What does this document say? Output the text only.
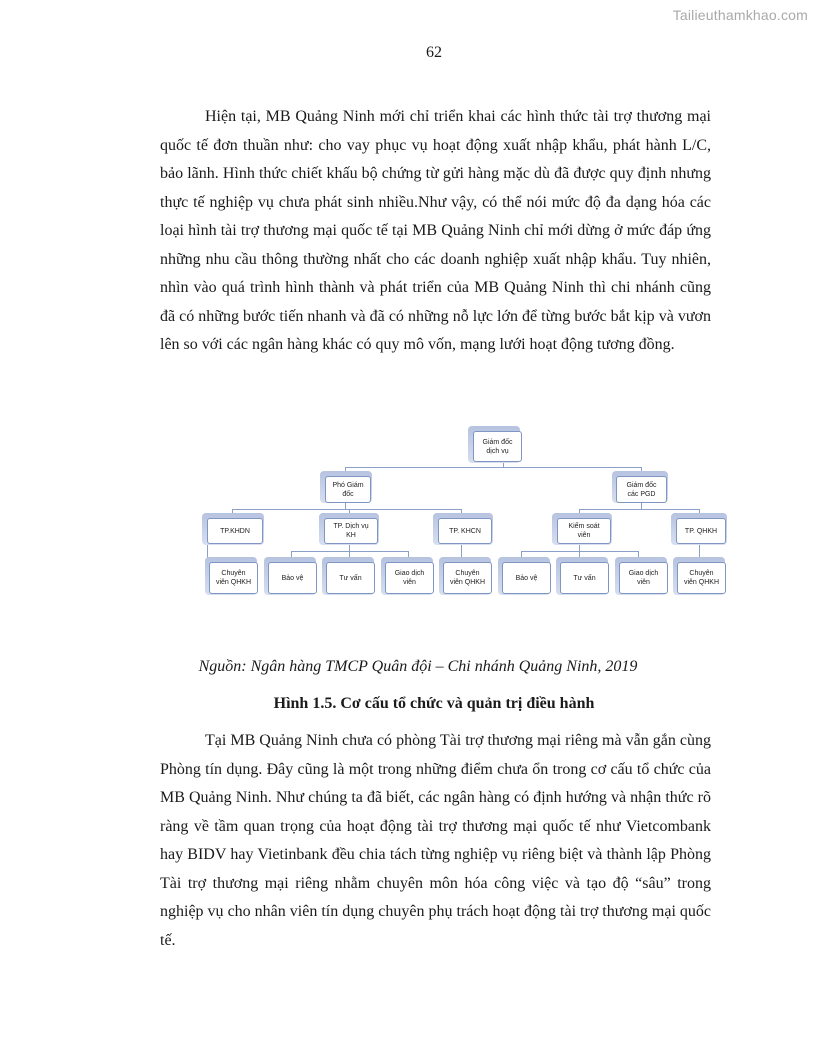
Tailieuthamkhao.com
62

Hiện tại, MB Quảng Ninh mới chỉ triển khai các hình thức tài trợ thương mại quốc tế đơn thuần như: cho vay phục vụ hoạt động xuất nhập khẩu, phát hành L/C, bảo lãnh. Hình thức chiết khấu bộ chứng từ gửi hàng mặc dù đã được quy định nhưng thực tế nghiệp vụ chưa phát sinh nhiều.Như vậy, có thể nói mức độ đa dạng hóa các loại hình tài trợ thương mại quốc tế tại MB Quảng Ninh chỉ mới dừng ở mức đáp ứng những nhu cầu thông thường nhất cho các doanh nghiệp xuất nhập khẩu. Tuy nhiên, nhìn vào quá trình hình thành và phát triển của MB Quảng Ninh thì chi nhánh cũng đã có những bước tiến nhanh và đã có những nỗ lực lớn để từng bước bắt kịp và vươn lên so với các ngân hàng khác có quy mô vốn, mạng lưới hoạt động tương đồng.

Giám đốc
dịch vụ
Phó Giám
đốc
Giám đốc
các PGD
TP.KHDN
TP. Dịch vụ
KH
TP. KHCN
Kiểm soát
viên
TP. QHKH
Chuyên
viên QHKH
Bảo vệ	Tư vấn
Giao dịch
viên
Chuyên
viên QHKH
Bảo vệ	Tư vấn
Giao dịch
viên
Chuyên
viên QHKH
Nguồn: Ngân hàng TMCP Quân đội – Chi nhánh Quảng Ninh, 2019
Hình 1.5. Cơ cấu tổ chức và quản trị điều hành

Tại MB Quảng Ninh chưa có phòng Tài trợ thương mại riêng mà vẫn gắn cùng Phòng tín dụng. Đây cũng là một trong những điểm chưa ổn trong cơ cấu tổ chức của MB Quảng Ninh. Như chúng ta đã biết, các ngân hàng có định hướng và nhận thức rõ ràng về tầm quan trọng của hoạt động tài trợ thương mại quốc tế như Vietcombank hay BIDV hay Vietinbank đều chia tách từng nghiệp vụ riêng biệt và thành lập Phòng Tài trợ thương mại riêng nhằm chuyên môn hóa công việc và tạo độ “sâu” trong nghiệp vụ cho nhân viên tín dụng chuyên phụ trách hoạt động tài trợ thương mại quốc tế.
